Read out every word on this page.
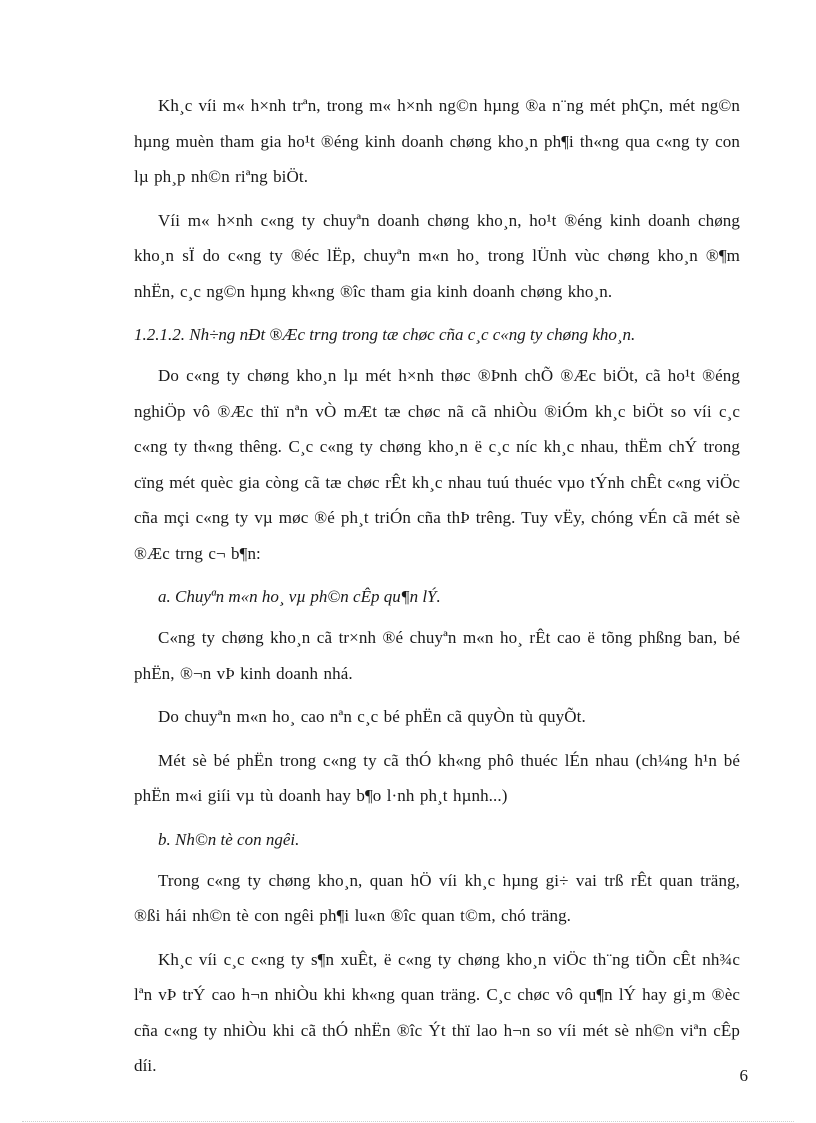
Kh¸c víi m« h×nh trªn, trong m« h×nh ng©n hµng ®a n¨ng mét phÇn, mét ng©n hµng muèn tham gia ho¹t ®éng kinh doanh chøng kho¸n ph¶i th«ng qua c«ng ty con lµ ph¸p nh©n riªng biÖt.

Víi m« h×nh c«ng ty chuyªn doanh chøng kho¸n, ho¹t ®éng kinh doanh chøng kho¸n sÏ do c«ng ty ®éc lËp, chuyªn m«n ho¸ trong lÜnh vùc chøng kho¸n ®¶m nhËn, c¸c ng©n hµng kh«ng ®îc tham gia kinh doanh chøng kho¸n.

1.2.1.2. Nh÷ng nÐt ®Æc trng trong tæ chøc cña c¸c c«ng ty chøng kho¸n.

Do c«ng ty chøng kho¸n lµ mét h×nh thøc ®Þnh chÕ ®Æc biÖt, cã ho¹t ®éng nghiÖp vô ®Æc thï nªn vÒ mÆt tæ chøc nã cã nhiÒu ®iÓm kh¸c biÖt so víi c¸c c«ng ty th«ng thêng. C¸c c«ng ty chøng kho¸n ë c¸c níc kh¸c nhau, thËm chÝ trong cïng mét quèc gia còng cã tæ chøc rÊt kh¸c nhau tuú thuéc vµo tÝnh chÊt c«ng viÖc cña mçi c«ng ty vµ møc ®é ph¸t triÓn cña thÞ trêng. Tuy vËy, chóng vÉn cã mét sè ®Æc trng c¬ b¶n:

a. Chuyªn m«n ho¸ vµ ph©n cÊp qu¶n lÝ.

C«ng ty chøng kho¸n cã tr×nh ®é chuyªn m«n ho¸ rÊt cao ë tõng phßng ban, bé phËn, ®¬n vÞ kinh doanh nhá.

Do chuyªn m«n ho¸ cao nªn c¸c bé phËn cã quyÒn tù quyÕt.

Mét sè bé phËn trong c«ng ty cã thÓ kh«ng phô thuéc lÉn nhau (ch¼ng h¹n bé phËn m«i giíi vµ tù doanh hay b¶o l·nh ph¸t hµnh...)

b. Nh©n tè con ngêi.

Trong c«ng ty chøng kho¸n, quan hÖ víi kh¸c hµng gi÷ vai trß rÊt quan träng, ®ßi hái nh©n tè con ngêi ph¶i lu«n ®îc quan t©m, chó träng.

Kh¸c víi c¸c c«ng ty s¶n xuÊt, ë c«ng ty chøng kho¸n viÖc th¨ng tiÕn cÊt nh¾c lªn vÞ trÝ cao h¬n nhiÒu khi kh«ng quan träng. C¸c chøc vô qu¶n lÝ hay gi¸m ®èc cña c«ng ty nhiÒu khi cã thÓ nhËn ®îc Ýt thï lao h¬n so víi mét sè nh©n viªn cÊp díi.

6
